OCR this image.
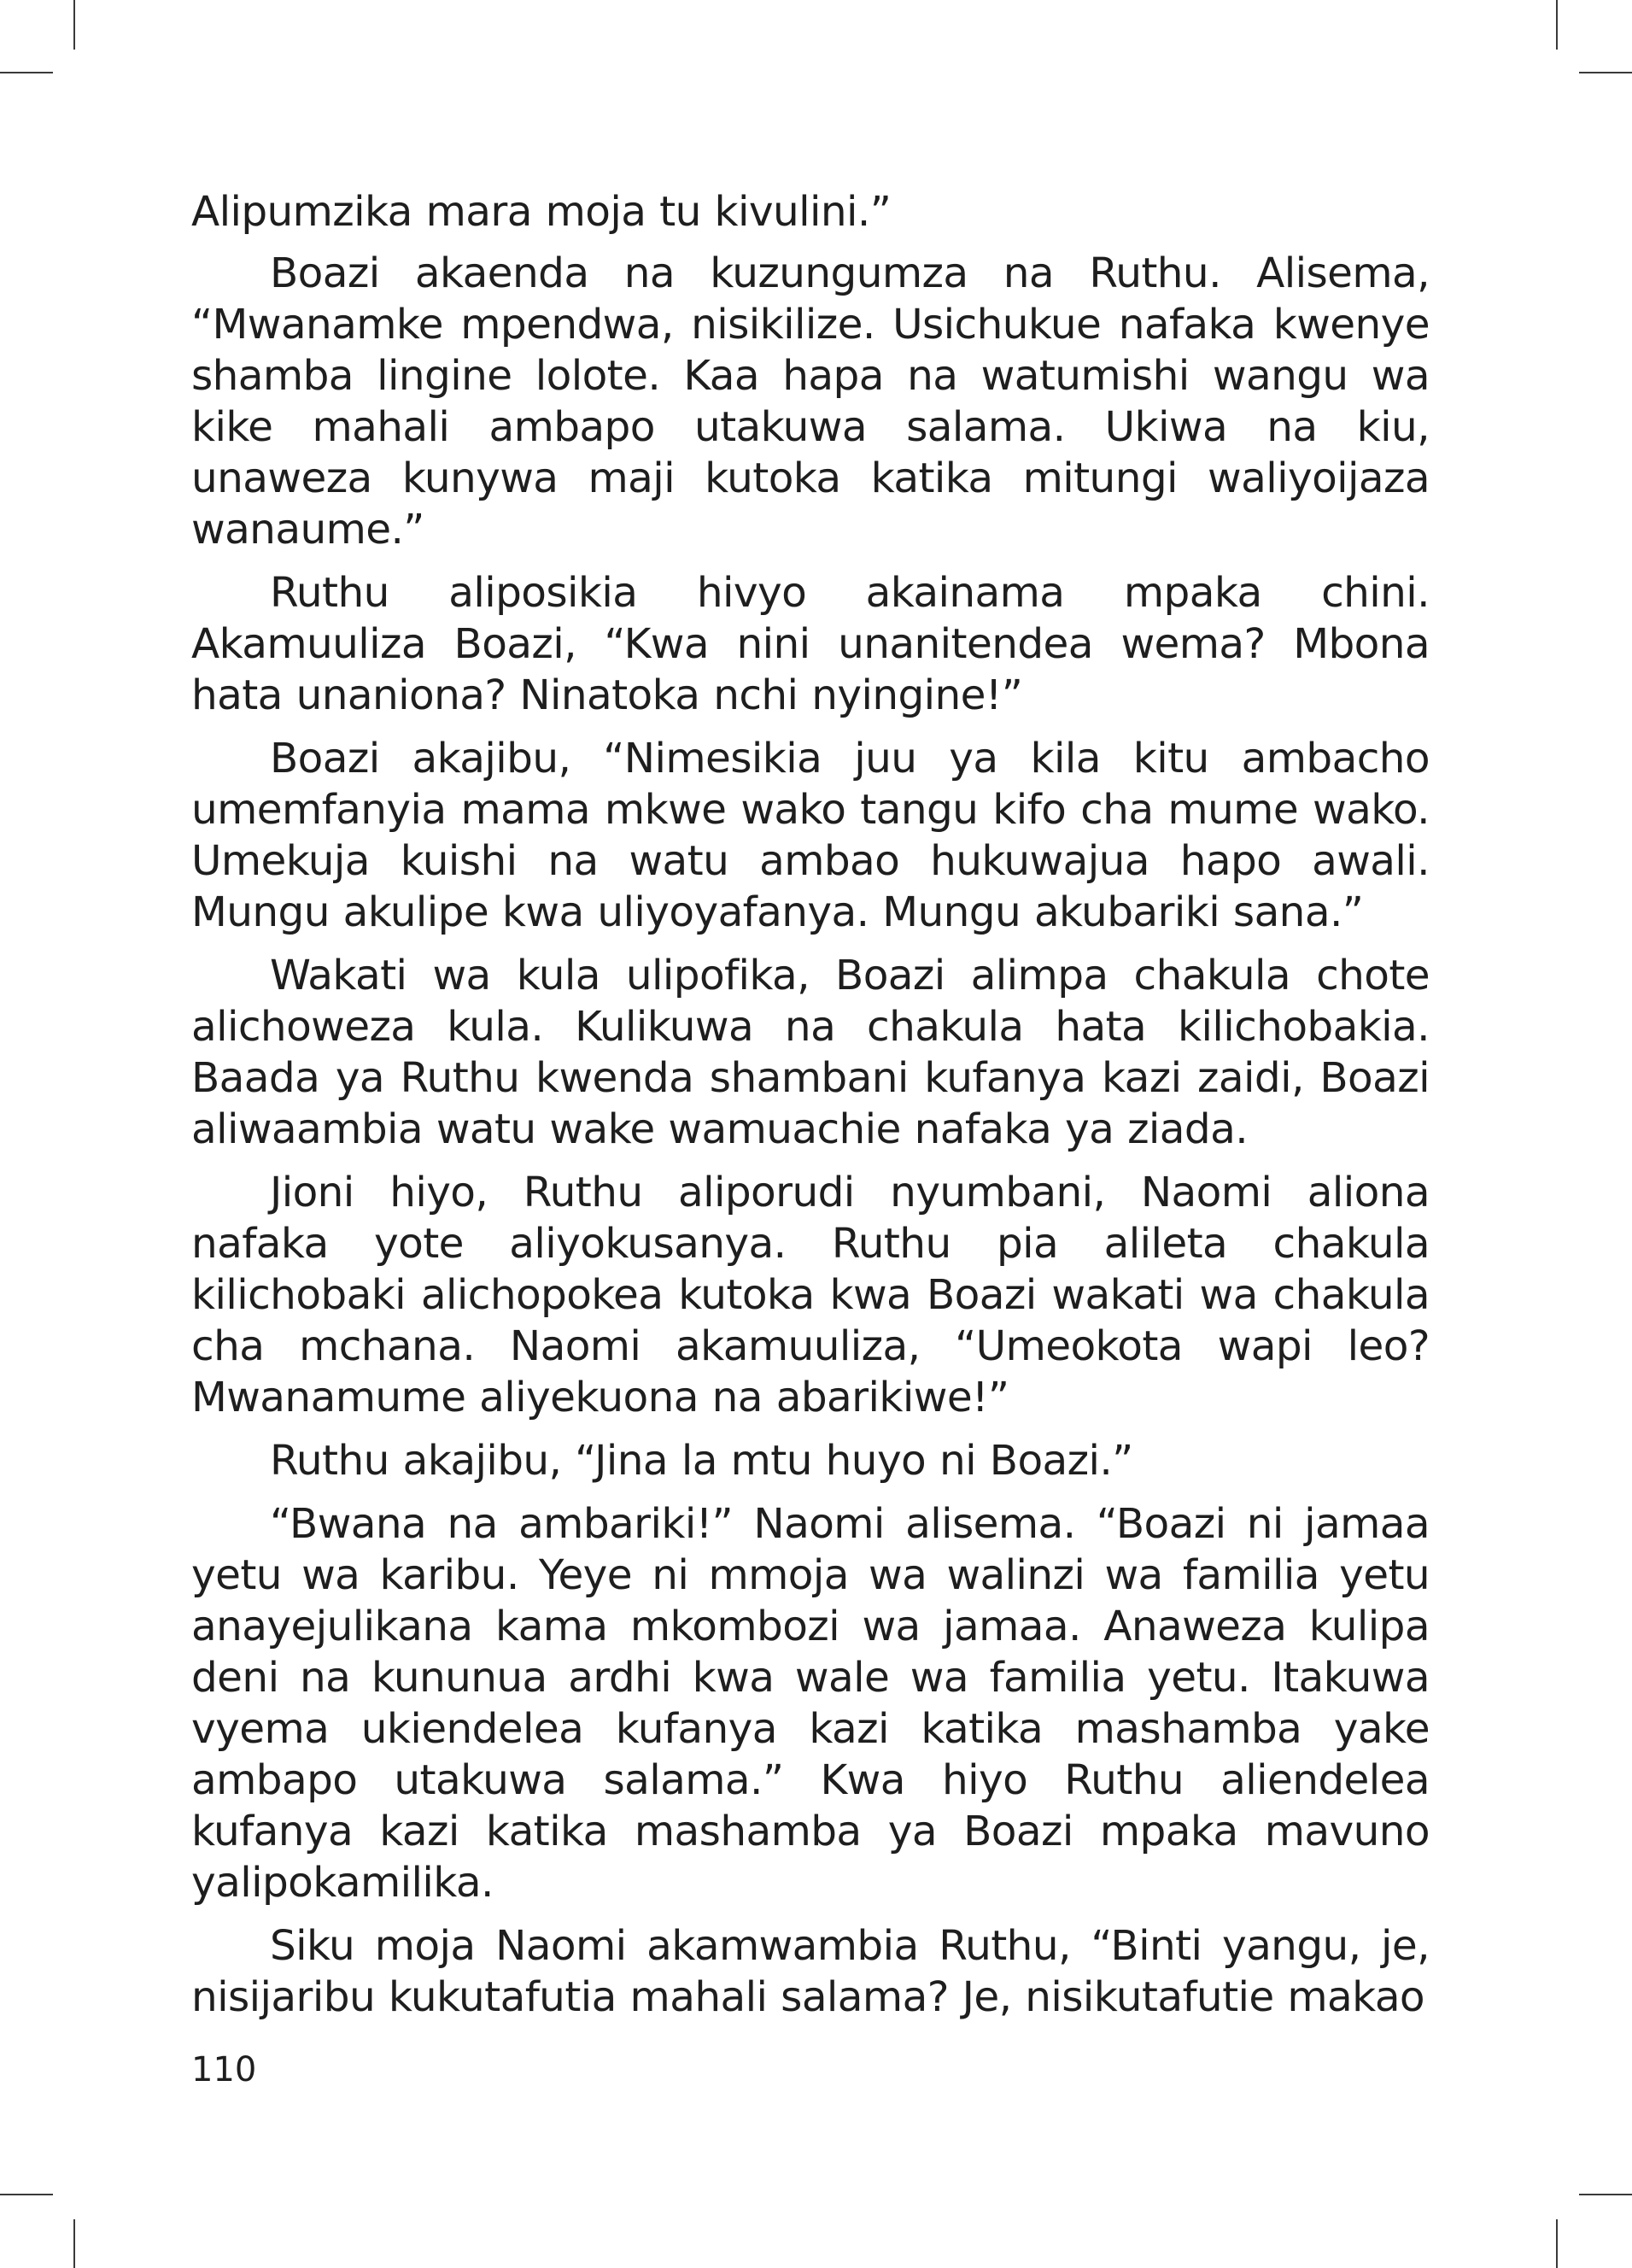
Alipumzika mara moja tu kivulini.”

Boazi akaenda na kuzungumza na Ruthu. Alisema, “Mwanamke mpendwa, nisikilize. Usichukue nafaka kwenye shamba lingine lolote. Kaa hapa na watumishi wangu wa kike mahali ambapo utakuwa salama. Ukiwa na kiu, unaweza kunywa maji kutoka katika mitungi waliyoijaza wanaume.”

Ruthu aliposikia hivyo akainama mpaka chini. Akamuuliza Boazi, “Kwa nini unanitendea wema? Mbona hata unaniona? Ninatoka nchi nyingine!”

Boazi akajibu, “Nimesikia juu ya kila kitu ambacho umemfanyia mama mkwe wako tangu kifo cha mume wako. Umekuja kuishi na watu ambao hukuwajua hapo awali. Mungu akulipe kwa uliyoyafanya. Mungu akubariki sana.”

Wakati wa kula ulipofika, Boazi alimpa chakula chote alichoweza kula. Kulikuwa na chakula hata kilichobakia. Baada ya Ruthu kwenda shambani kufanya kazi zaidi, Boazi aliwaambia watu wake wamuachie nafaka ya ziada.

Jioni hiyo, Ruthu aliporudi nyumbani, Naomi aliona nafaka yote aliyokusanya. Ruthu pia alileta chakula kilichobaki alichopokea kutoka kwa Boazi wakati wa chakula cha mchana. Naomi akamuuliza, “Umeokota wapi leo? Mwanamume aliyekuona na abarikiwe!”

Ruthu akajibu, “Jina la mtu huyo ni Boazi.”

“Bwana na ambariki!” Naomi alisema. “Boazi ni jamaa yetu wa karibu. Yeye ni mmoja wa walinzi wa familia yetu anayejulikana kama mkombozi wa jamaa. Anaweza kulipa deni na kununua ardhi kwa wale wa familia yetu. Itakuwa vyema ukiendelea kufanya kazi katika mashamba yake ambapo utakuwa salama.” Kwa hiyo Ruthu aliendelea kufanya kazi katika mashamba ya Boazi mpaka mavuno yalipokamilika.

Siku moja Naomi akamwambia Ruthu, “Binti yangu, je, nisijaribu kukutafutia mahali salama? Je, nisikutafutie makao

110
